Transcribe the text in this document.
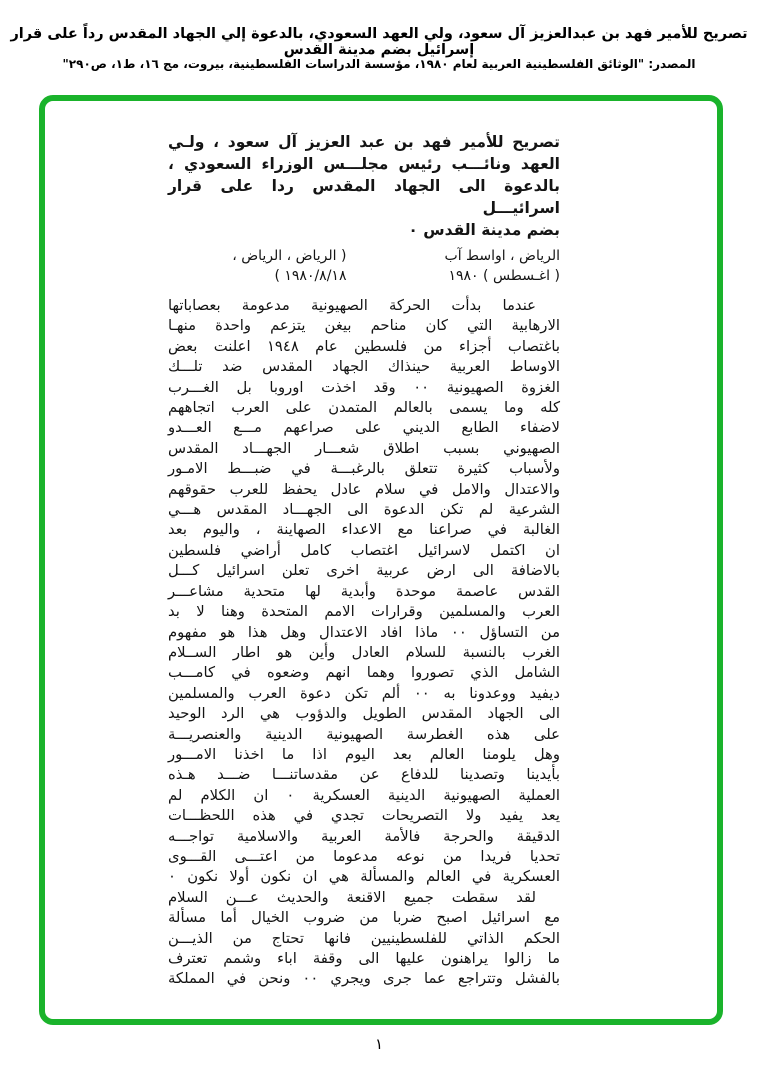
تصريح للأمير فهد بن عبدالعزيز آل سعود، ولي العهد السعودي، بالدعوة إلي الجهاد المقدس رداً على قرار إسرائيل بضم مدينة القدس
المصدر: "الوثائق الفلسطينية العربية لعام ١٩٨٠، مؤسسة الدراسات الفلسطينية، بيروت، مج ١٦، ط١، ص٢٩٠"
تصريح للأمير فهد بن عبد العزيز آل سعود ، ولـي
العهد ونائـــب رئيس مجلـــس الوزراء السعودي ،
بالدعوة الى الجهاد المقدس ردا على قرار اسرائيـــل
بضم مدينة القدس ٠
الرياض ، اواسط آب
( اغـسطس ) ١٩٨٠
( الرياض ، الرياض ،
١٩٨٠/٨/١٨ )
عندما بدأت الحركة الصهيونية مدعومة بعصاباتها
الارهابية التي كان مناحم بيغن يتزعم واحدة منهـا
باغتصاب أجزاء من فلسطين عام ١٩٤٨ اعلنت بعض
الاوساط العربية حينذاك الجهاد المقدس ضد تلـــك
الغزوة الصهيونية ٠٠ وقد اخذت اوروبا بل الغـــرب
كله وما يسمى بالعالم المتمدن على العرب اتجاههم
لاضفاء الطابع الديني على صراعهم مـــع العـــدو
الصهيوني بسبب اطلاق شعـــار الجهـــاد المقدس
ولأسباب كثيرة تتعلق بالرغبـــة في ضبـــط الامـور
والاعتدال والامل في سلام عادل يحفظ للعرب حقوقهم
الشرعية لم تكن الدعوة الى الجهـــاد المقدس هـــي
الغالبة في صراعنا مع الاعداء الصهاينة ، واليوم بعد
ان اكتمل لاسرائيل اغتصاب كامل أراضي فلسطين
بالاضافة الى ارض عربية اخرى تعلن اسرائيل كـــل
القدس عاصمة موحدة وأبدية لها متحدية مشاعـــر
العرب والمسلمين وقرارات الامم المتحدة وهنا لا بد
من التساؤل ٠٠ ماذا افاد الاعتدال وهل هذا هو مفهوم
الغرب بالنسبة للسلام العادل وأين هو اطار الســلام
الشامل الذي تصوروا وهما انهم وضعوه في كامـــب
ديفيد ووعدونا به ٠٠ ألم تكن دعوة العرب والمسلمين
الى الجهاد المقدس الطويل والدؤوب هي الرد الوحيد
على هذه الغطرسة الصهيونية الدينية والعنصريـــة
وهل يلومنا العالم بعد اليوم اذا ما اخذنا الامـــور
بأيدينا وتصدينا للدفاع عن مقدساتنـــا ضـــد هـذه
العملية الصهيونية الدينية العسكرية ٠ ان الكلام لم
يعد يفيد ولا التصريحات تجدي في هذه اللحظـــات
الدقيقة والحرجة فالأمة العربية والاسلامية تواجـــه
تحديا فريدا من نوعه مدعوما من اعتـــى القـــوى
العسكرية في العالم والمسألة هي ان نكون أولا نكون ٠
لقد سقطت جميع الاقنعة والحديث عـــن السلام
مع اسرائيل اصبح ضربا من ضروب الخيال أما مسألة
الحكم الذاتي للفلسطينيين فانها تحتاج من الذيـــن
ما زالوا يراهنون عليها الى وقفة اباء وشمم تعترف
بالفشل وتتراجع عما جرى ويجري ٠٠ ونحن في المملكة
١
